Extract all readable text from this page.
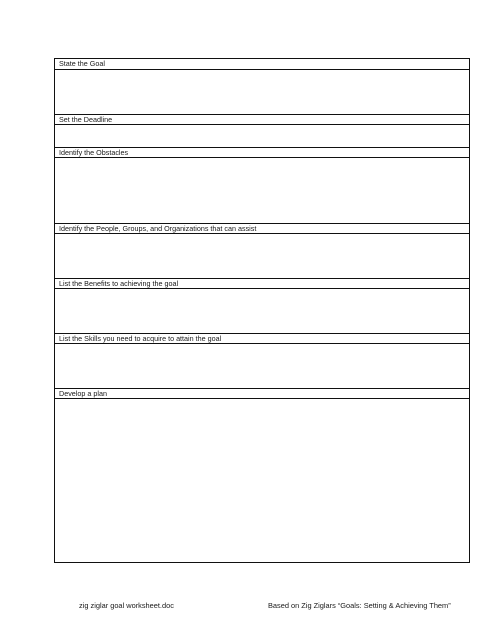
State the Goal
Set the Deadline
Identify the Obstacles
Identify the People, Groups, and Organizations that can assist
List the Benefits to achieving the goal
List the Skills you need to acquire to attain the goal
Develop a plan
zig ziglar goal worksheet.doc	Based on Zig Ziglars “Goals: Setting & Achieving Them”
